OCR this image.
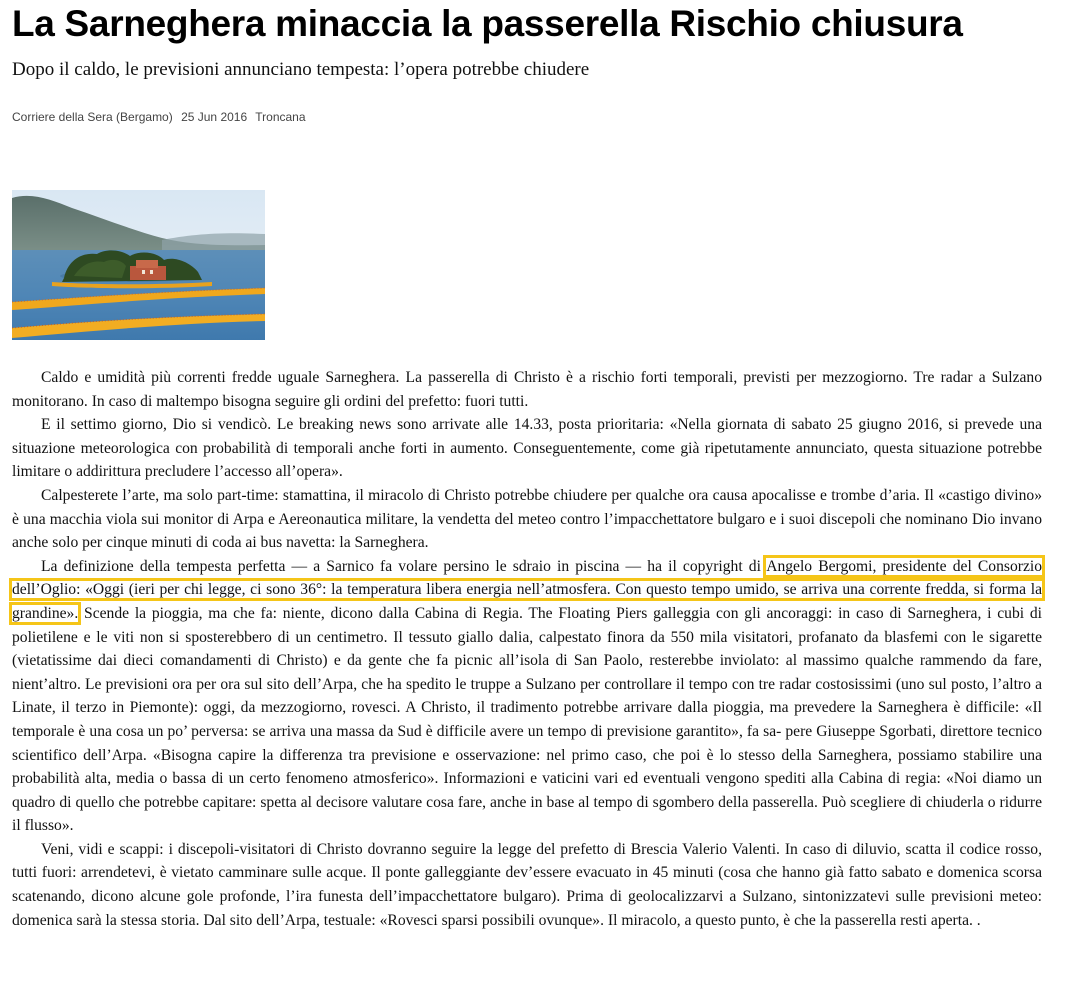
La Sarneghera minaccia la passerella Rischio chiusura
Dopo il caldo, le previsioni annunciano tempesta: l’opera potrebbe chiudere
Corriere della Sera (Bergamo) 25 Jun 2016 Troncana

Caldo e umidità più correnti fredde uguale Sarneghera. La passerella di Christo è a rischio forti temporali, previsti per mezzogiorno. Tre radar a Sulzano monitorano. In caso di maltempo bisogna seguire gli ordini del prefetto: fuori tutti.

E il settimo giorno, Dio si vendicò. Le breaking news sono arrivate alle 14.33, posta prioritaria: «Nella giornata di sabato 25 giugno 2016, si prevede una situazione meteorologica con probabilità di temporali anche forti in aumento. Conseguentemente, come già ripetutamente annunciato, questa situazione potrebbe limitare o addirittura precludere l’accesso all’opera».

Calpesterete l’arte, ma solo part-time: stamattina, il miracolo di Christo potrebbe chiudere per qualche ora causa apocalisse e trombe d’aria. Il «castigo divino» è una macchia viola sui monitor di Arpa e Aereonautica militare, la vendetta del meteo contro l’impacchettatore bulgaro e i suoi discepoli che nominano Dio invano anche solo per cinque minuti di coda ai bus navetta: la Sarneghera.

La definizione della tempesta perfetta — a Sarnico fa volare persino le sdraio in piscina — ha il copyright di Angelo Bergomi, presidente del Consorzio dell’Oglio: «Oggi (ieri per chi legge, ci sono 36°: la temperatura libera energia nell’atmosfera. Con questo tempo umido, se arriva una corrente fredda, si forma la grandine». Scende la pioggia, ma che fa: niente, dicono dalla Cabina di Regia. The Floating Piers galleggia con gli ancoraggi: in caso di Sarneghera, i cubi di polietilene e le viti non si sposterebbero di un centimetro. Il tessuto giallo dalia, calpestato finora da 550 mila visitatori, profanato da blasfemi con le sigarette (vietatissime dai dieci comandamenti di Christo) e da gente che fa picnic all’isola di San Paolo, resterebbe inviolato: al massimo qualche rammendo da fare, nient’altro. Le previsioni ora per ora sul sito dell’Arpa, che ha spedito le truppe a Sulzano per controllare il tempo con tre radar costosissimi (uno sul posto, l’altro a Linate, il terzo in Piemonte): oggi, da mezzogiorno, rovesci. A Christo, il tradimento potrebbe arrivare dalla pioggia, ma prevedere la Sarneghera è difficile: «Il temporale è una cosa un po’ perversa: se arriva una massa da Sud è difficile avere un tempo di previsione garantito», fa sa- pere Giuseppe Sgorbati, direttore tecnico scientifico dell’Arpa. «Bisogna capire la differenza tra previsione e osservazione: nel primo caso, che poi è lo stesso della Sarneghera, possiamo stabilire una probabilità alta, media o bassa di un certo fenomeno atmosferico». Informazioni e vaticini vari ed eventuali vengono spediti alla Cabina di regia: «Noi diamo un quadro di quello che potrebbe capitare: spetta al decisore valutare cosa fare, anche in base al tempo di sgombero della passerella. Può scegliere di chiuderla o ridurre il flusso».

Veni, vidi e scappi: i discepoli-visitatori di Christo dovranno seguire la legge del prefetto di Brescia Valerio Valenti. In caso di diluvio, scatta il codice rosso, tutti fuori: arrendetevi, è vietato camminare sulle acque. Il ponte galleggiante dev’essere evacuato in 45 minuti (cosa che hanno già fatto sabato e domenica scorsa scatenando, dicono alcune gole profonde, l’ira funesta dell’impacchettatore bulgaro). Prima di geolocalizzarvi a Sulzano, sintonizzatevi sulle previsioni meteo: domenica sarà la stessa storia. Dal sito dell’Arpa, testuale: «Rovesci sparsi possibili ovunque». Il miracolo, a questo punto, è che la passerella resti aperta. .
